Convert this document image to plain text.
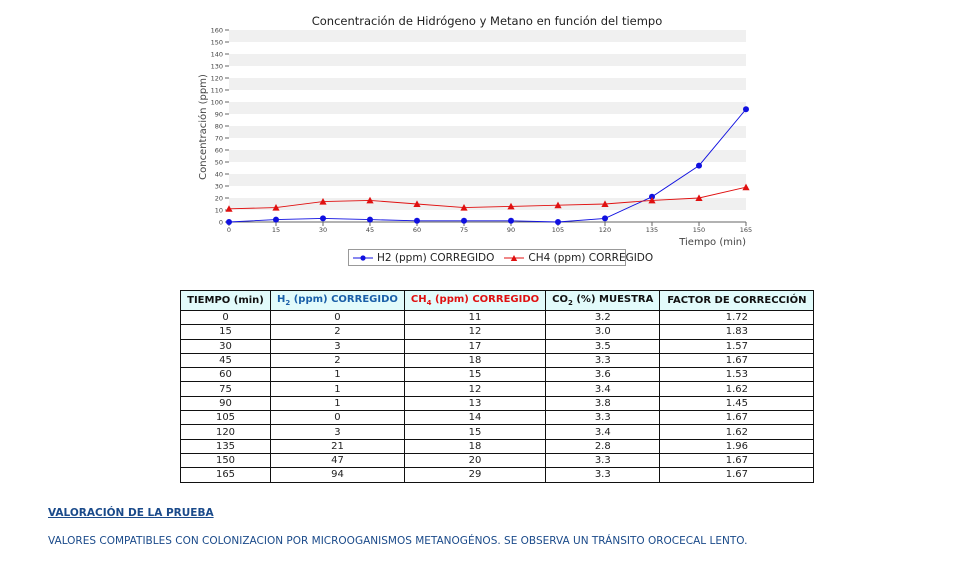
Concentración de Hidrógeno y Metano en función del tiempo
0
10
20
30
40
50
60
70
80
90
100
110
120
130
140
150
160
0	15	30	45	60	75	90	105	120	135	150	165
Concentración (ppm)
Tiempo (min)
H2 (ppm) CORREGIDO	CH4 (ppm) CORREGIDO
TIEMPO (min)	$H_2$ (ppm) CORREGIDO	$CH_4$ (ppm) CORREGIDO	$CO_2$ (%) MUESTRA	FACTOR DE CORRECCIÓN
0	0	11	3.2	1.72
15	2	12	3.0	1.83
30	3	17	3.5	1.57
45	2	18	3.3	1.67
60	1	15	3.6	1.53
75	1	12	3.4	1.62
90	1	13	3.8	1.45
105	0	14	3.3	1.67
120	3	15	3.4	1.62
135	21	18	2.8	1.96
150	47	20	3.3	1.67
165	94	29	3.3	1.67
VALORACIÓN DE LA PRUEBA
VALORES COMPATIBLES CON COLONIZACION POR MICROOGANISMOS METANOGÉNOS. SE OBSERVA UN TRÁNSITO OROCECAL LENTO.
